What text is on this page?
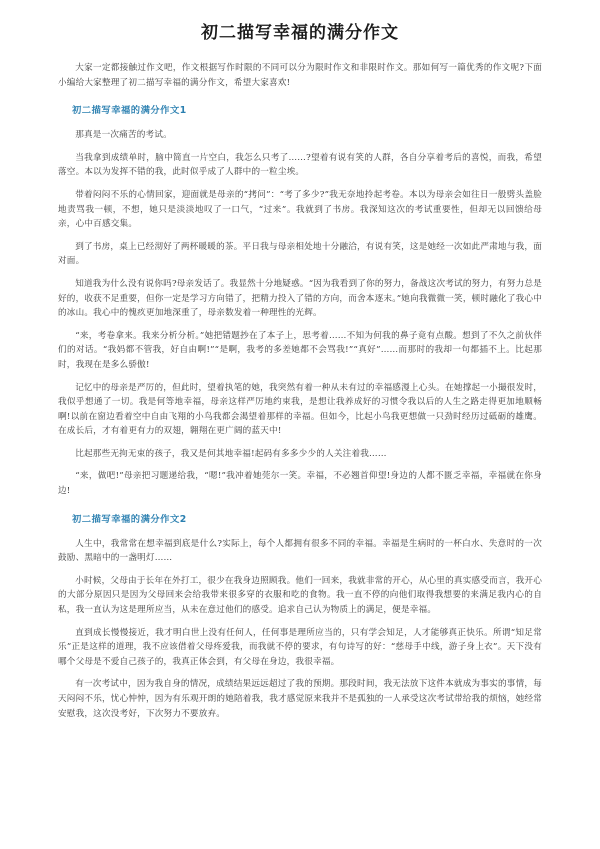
初二描写幸福的满分作文

大家一定都接触过作文吧，作文根据写作时限的不同可以分为限时作文和非限时作文。那如何写一篇优秀的作文呢?下面小编给大家整理了初二描写幸福的满分作文，希望大家喜欢!

初二描写幸福的满分作文1

那真是一次痛苦的考试。

当我拿到成绩单时，脑中简直一片空白，我怎么只考了……?望着有说有笑的人群，各自分享着考后的喜悦，而我，希望落空。本以为发挥不错的我，此时似乎成了人群中的一粒尘埃。

带着闷闷不乐的心情回家，迎面就是母亲的“拷问”：“考了多少?”我无奈地拎起考卷。本以为母亲会如往日一般劈头盖脸地责骂我一顿，不想，她只是淡淡地叹了一口气，“过来”。我就到了书房。我深知这次的考试重要性，但却无以回馈给母亲，心中百感交集。

到了书房，桌上已经沏好了两杯暖暖的茶。平日我与母亲相处地十分融洽，有说有笑，这是她经一次如此严肃地与我，面对面。

知道我为什么没有说你吗?母亲发话了。我显然十分地疑惑。“因为我看到了你的努力，备战这次考试的努力，有努力总是好的，收获不足重要，但你一定是学习方向错了，把精力投入了错的方向，而舍本逐末。”她向我微微一笑，顿时融化了我心中的冰山。我心中的愧疚更加地深重了，母亲数发着一种理性的光辉。

“来，考卷拿来。我来分析分析。”她把错题抄在了本子上，思考着……不知为何我的鼻子竟有点酸。想到了不久之前伙伴们的对话。“我妈都不管我，好自由啊!”“是啊，我考的多差她都不会骂我!”“真好”……而那时的我却一句都插不上。比起那时，我现在是多么骄傲!

记忆中的母亲是严厉的，但此时，望着执笔的她，我突然有着一种从未有过的幸福感漫上心头。在她撑起一小撮很发时，我似乎想通了一切。我是何等地幸福，母亲这样严厉地约束我，是想让我养成好的习惯令我以后的人生之路走得更加地顺畅啊!以前在窗边看着空中自由飞翔的小鸟我都会渴望着那样的幸福。但如今，比起小鸟我更想做一只劲时经历过砥砺的雄鹰。在成长后，才有着更有力的双翅，翱翔在更广阔的蓝天中!

比起那些无拘无束的孩子，我又是何其地幸福!起码有多多少少的人关注着我……

“来，做吧!”母亲把习题递给我，“嗯!”我冲着她莞尔一笑。幸福，不必翘首仰望!身边的人都不匮乏幸福，幸福就在你身边!

初二描写幸福的满分作文2

人生中，我常常在想幸福到底是什么?实际上，每个人都拥有很多不同的幸福。幸福是生病时的一杯白水、失意时的一次鼓励、黑暗中的一盏明灯……

小时候，父母由于长年在外打工，很少在我身边照顾我。他们一回来，我就非常的开心，从心里的真实感受而言，我开心的大部分原因只是因为父母回来会给我带来很多穿的衣服和吃的食物。我一直不停的向他们取得我想要的来满足我内心的自私，我一直认为这是理所应当，从未在意过他们的感受。追求自己认为物质上的满足，便是幸福。

直到成长慢慢接近，我才明白世上没有任何人，任何事是理所应当的，只有学会知足，人才能够真正快乐。所谓“知足常乐”正是这样的道理，我不应该借着父母疼爱我，而我就不停的要求，有句诗写的好：“慈母手中线，游子身上衣”。天下没有哪个父母是不爱自己孩子的，我真正体会到，有父母在身边，我很幸福。

有一次考试中，因为我自身的情况，成绩结果远远超过了我的预期。那段时间，我无法放下这件本就成为事实的事情，每天闷闷不乐，忧心忡忡，因为有乐观开朗的她陪着我，我才感觉原来我并不是孤独的一人承受这次考试带给我的烦恼，她经常安慰我，这次没考好，下次努力不要放弃。
